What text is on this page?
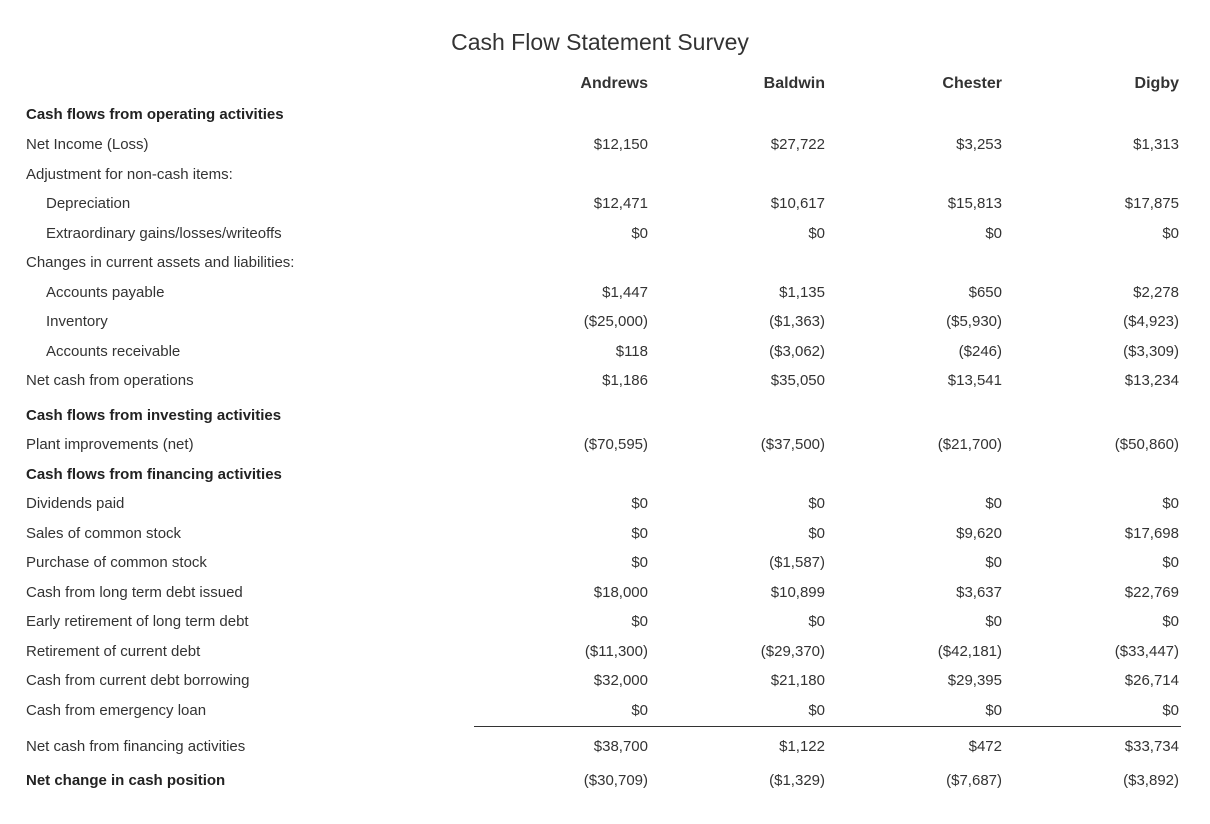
Cash Flow Statement Survey
Andrews	Baldwin	Chester	Digby
Cash flows from operating activities
Net Income (Loss)	$12,150	$27,722	$3,253	$1,313
Adjustment for non-cash items:
Depreciation	$12,471	$10,617	$15,813	$17,875
Extraordinary gains/losses/writeoffs	$0	$0	$0	$0
Changes in current assets and liabilities:
Accounts payable	$1,447	$1,135	$650	$2,278
Inventory	($25,000)	($1,363)	($5,930)	($4,923)
Accounts receivable	$118	($3,062)	($246)	($3,309)
Net cash from operations	$1,186	$35,050	$13,541	$13,234
Cash flows from investing activities
Plant improvements (net)	($70,595)	($37,500)	($21,700)	($50,860)
Cash flows from financing activities
Dividends paid	$0	$0	$0	$0
Sales of common stock	$0	$0	$9,620	$17,698
Purchase of common stock	$0	($1,587)	$0	$0
Cash from long term debt issued	$18,000	$10,899	$3,637	$22,769
Early retirement of long term debt	$0	$0	$0	$0
Retirement of current debt	($11,300)	($29,370)	($42,181)	($33,447)
Cash from current debt borrowing	$32,000	$21,180	$29,395	$26,714
Cash from emergency loan	$0	$0	$0	$0
Net cash from financing activities	$38,700	$1,122	$472	$33,734
Net change in cash position	($30,709)	($1,329)	($7,687)	($3,892)
